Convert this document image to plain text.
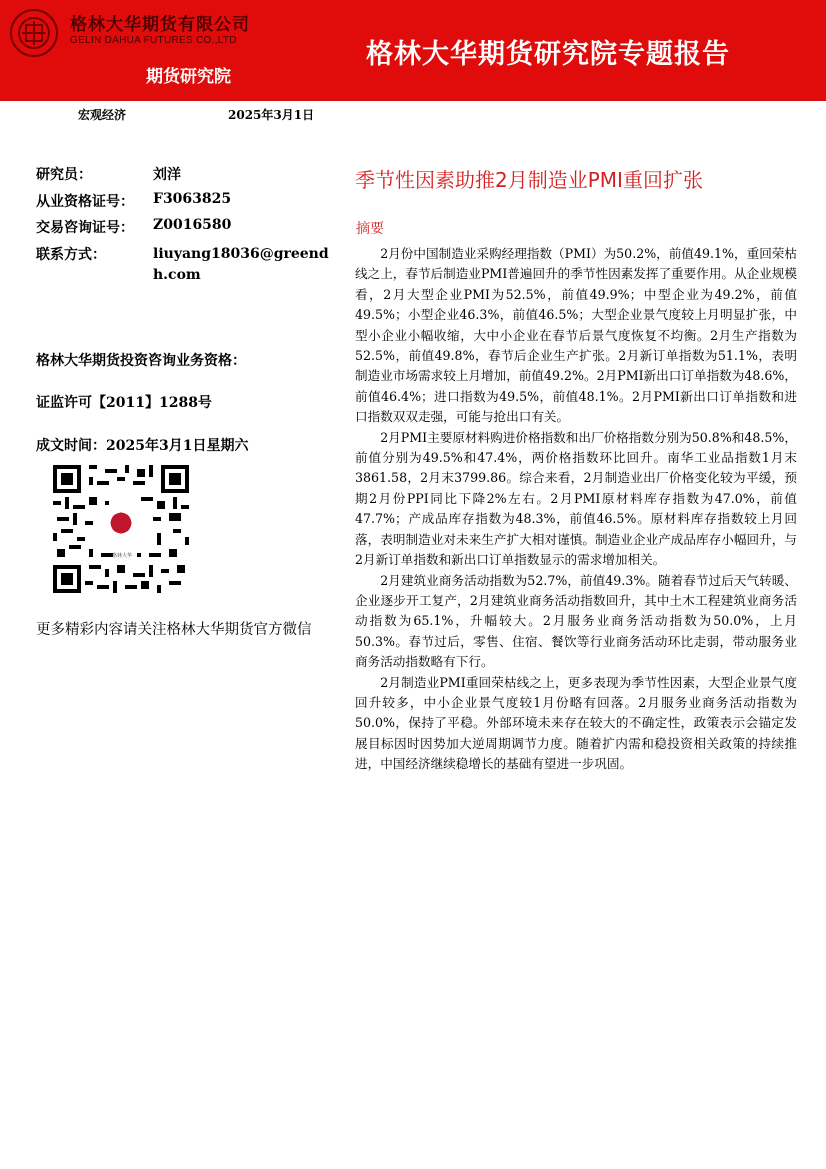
格林大华期货有限公司
GELIN DAHUA FUTURES CO.,LTD
期货研究院
格林大华期货研究院专题报告
宏观经济	2025年3月1日
研究员：	刘洋
从业资格证号： F3063825
交易咨询证号： Z0016580
联系方式：	liuyang18036@greendh.com
格林大华期货投资咨询业务资格：
证监许可【2011】1288号
成文时间：2025年3月1日星期六
格林大华
更多精彩内容请关注格林大华期货官方微信
季节性因素助推2月制造业PMI重回扩张
摘要

2月份中国制造业采购经理指数（PMI）为50.2%，前值49.1%，重回荣枯线之上，春节后制造业PMI普遍回升的季节性因素发挥了重要作用。从企业规模看，2月大型企业PMI为52.5%，前值49.9%；中型企业为49.2%，前值49.5%；小型企业46.3%，前值46.5%；大型企业景气度较上月明显扩张，中型小企业小幅收缩，大中小企业在春节后景气度恢复不均衡。2月生产指数为52.5%，前值49.8%，春节后企业生产扩张。2月新订单指数为51.1%，表明制造业市场需求较上月增加，前值49.2%。2月PMI新出口订单指数为48.6%，前值46.4%；进口指数为49.5%，前值48.1%。2月PMI新出口订单指数和进口指数双双走强，可能与抢出口有关。

2月PMI主要原材料购进价格指数和出厂价格指数分别为50.8%和48.5%，前值分别为49.5%和47.4%，两价格指数环比回升。南华工业品指数1月末3861.58，2月末3799.86。综合来看，2月制造业出厂价格变化较为平缓，预期2月份PPI同比下降2%左右。2月PMI原材料库存指数为47.0%，前值47.7%；产成品库存指数为48.3%，前值46.5%。原材料库存指数较上月回落，表明制造业对未来生产扩大相对谨慎。制造业企业产成品库存小幅回升，与2月新订单指数和新出口订单指数显示的需求增加相关。

2月建筑业商务活动指数为52.7%，前值49.3%。随着春节过后天气转暖、企业逐步开工复产，2月建筑业商务活动指数回升，其中土木工程建筑业商务活动指数为65.1%，升幅较大。2月服务业商务活动指数为50.0%，上月50.3%。春节过后，零售、住宿、餐饮等行业商务活动环比走弱，带动服务业商务活动指数略有下行。

2月制造业PMI重回荣枯线之上，更多表现为季节性因素，大型企业景气度回升较多，中小企业景气度较1月份略有回落。2月服务业商务活动指数为50.0%，保持了平稳。外部环境未来存在较大的不确定性，政策表示会锚定发展目标因时因势加大逆周期调节力度。随着扩内需和稳投资相关政策的持续推进，中国经济继续稳增长的基础有望进一步巩固。
